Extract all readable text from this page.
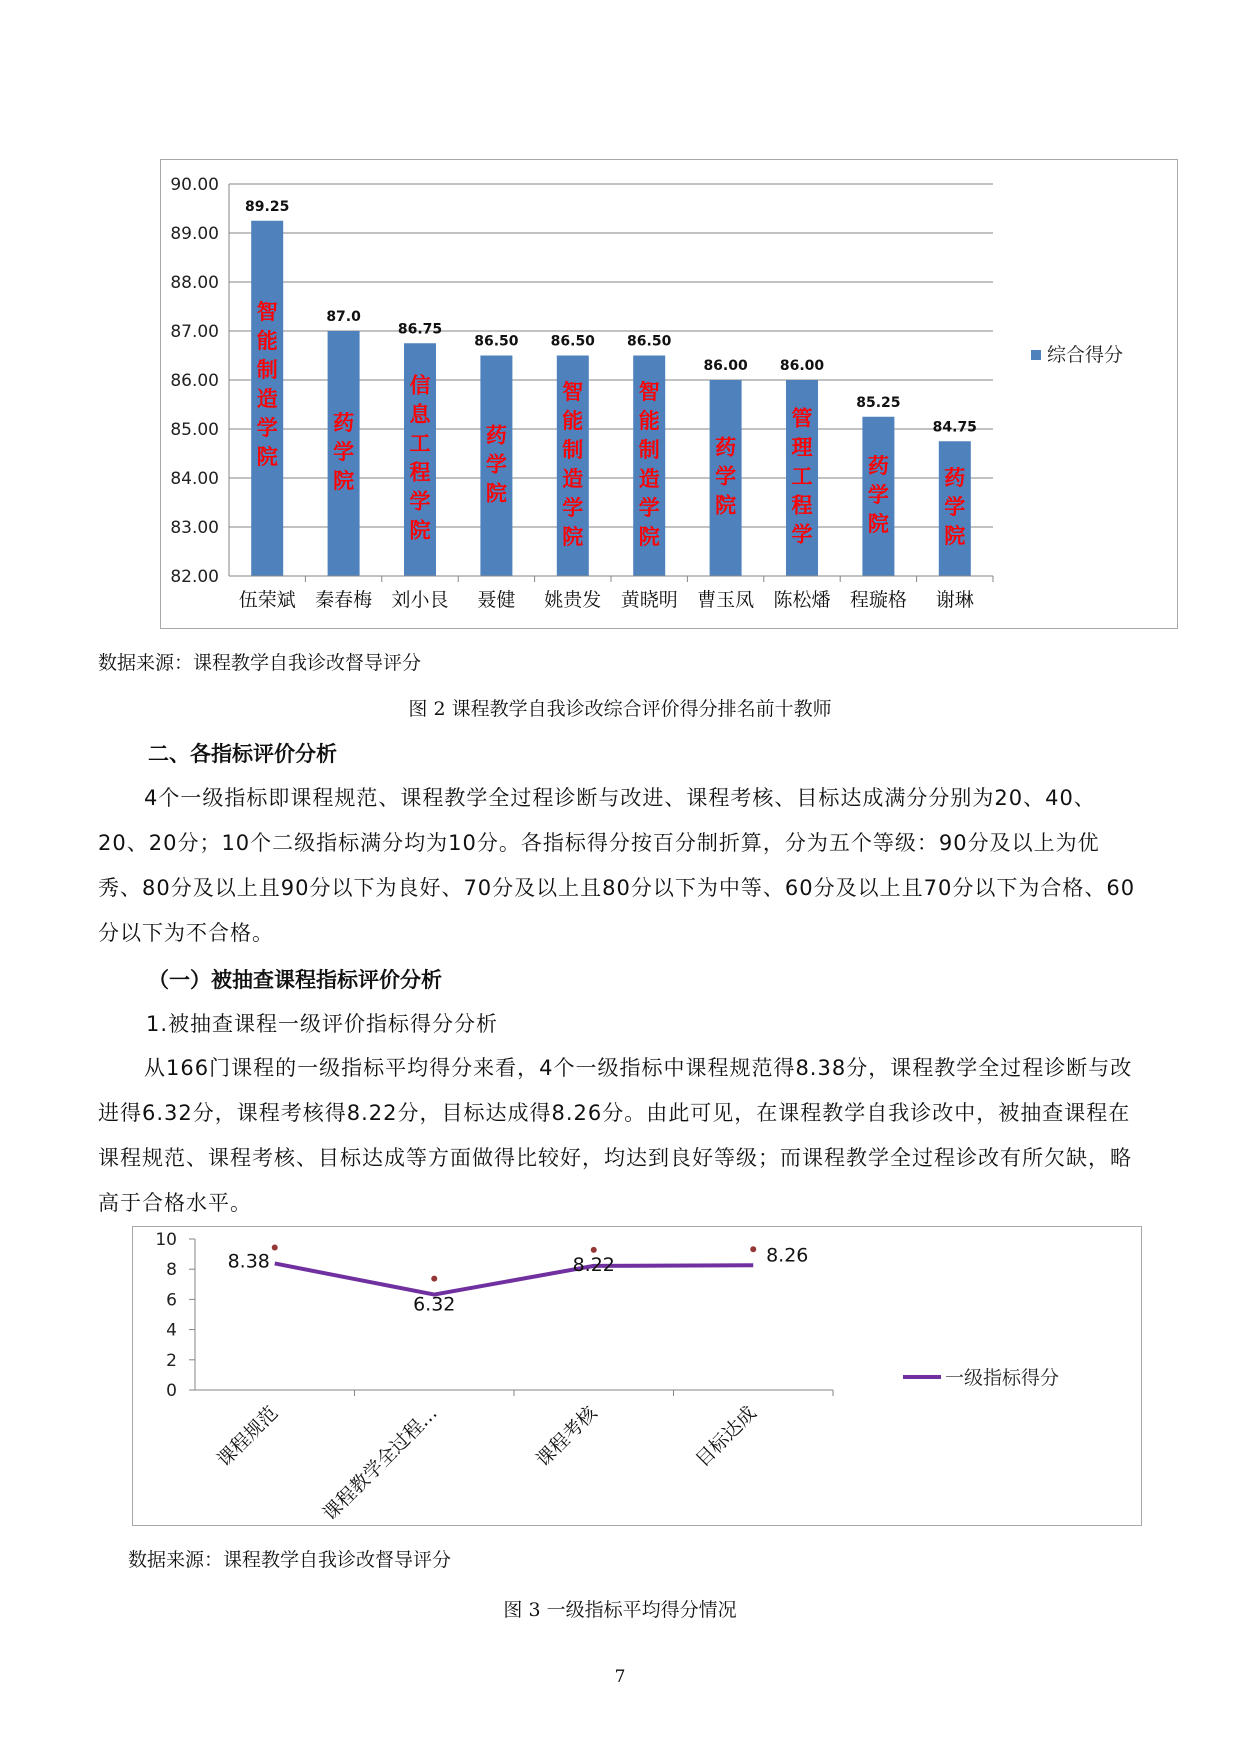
82.00
83.00
84.00
85.00
86.00
87.00
88.00
89.00
90.00
89.25
伍荣斌
智
能
制
造
学
院
87.0
秦春梅
药
学
院
86.75
刘小艮
信
息
工
程
学
院
86.50
聂健
药
学
院
86.50
姚贵发
智
能
制
造
学
院
86.50
黄晓明
智
能
制
造
学
院
86.00
曹玉凤
药
学
院
86.00
陈松燔
管
理
工
程
学
85.25
程璇格
药
学
院
84.75
谢琳
药
学
院
综合得分
数据来源：课程教学自我诊改督导评分
图 2 课程教学自我诊改综合评价得分排名前十教师
二、各指标评价分析
4个一级指标即课程规范、课程教学全过程诊断与改进、课程考核、目标达成满分分别为20、40、20、20分；10个二级指标满分均为10分。各指标得分按百分制折算，分为五个等级：90分及以上为优秀、80分及以上且90分以下为良好、70分及以上且80分以下为中等、60分及以上且70分以下为合格、60分以下为不合格。
（一）被抽查课程指标评价分析
1.被抽查课程一级评价指标得分分析
从166门课程的一级指标平均得分来看，4个一级指标中课程规范得8.38分，课程教学全过程诊断与改进得6.32分，课程考核得8.22分，目标达成得8.26分。由此可见，在课程教学自我诊改中，被抽查课程在课程规范、课程考核、目标达成等方面做得比较好，均达到良好等级；而课程教学全过程诊改有所欠缺，略高于合格水平。
0
2
4
6
8
10
8.38
课程规范
6.32
课程教学全过程…
8.22
课程考核
8.26
目标达成
一级指标得分
数据来源：课程教学自我诊改督导评分
图 3 一级指标平均得分情况
7
